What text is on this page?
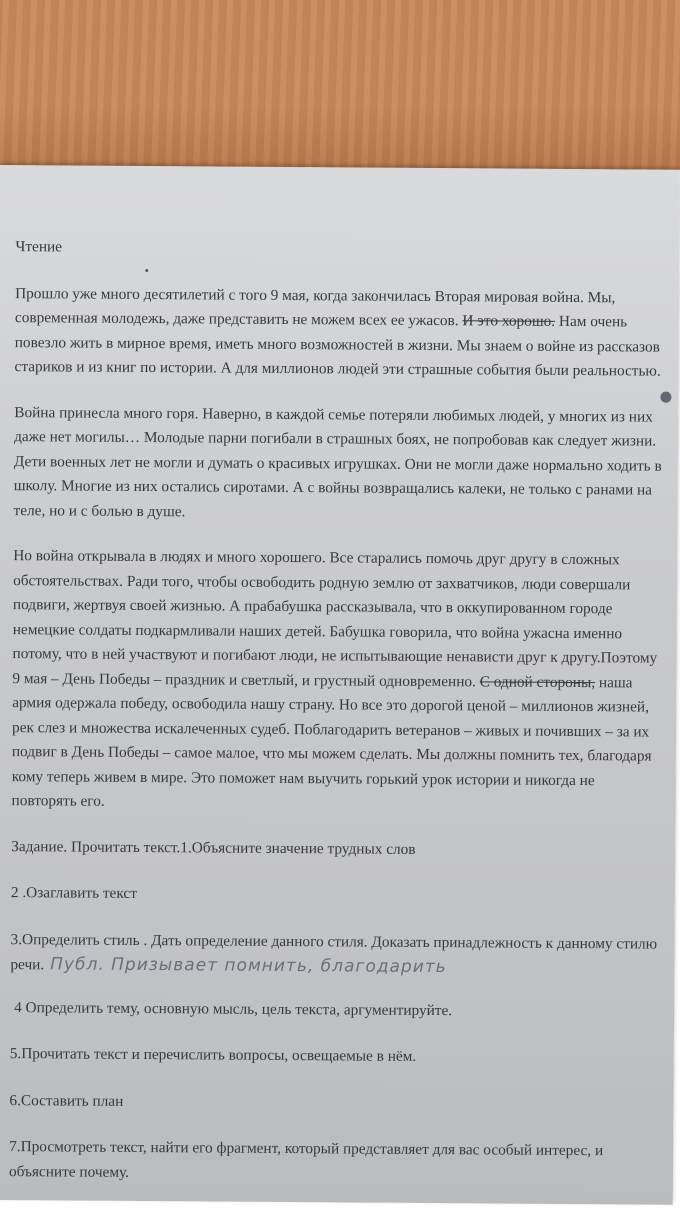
Чтение
Прошло уже много десятилетий с того 9 мая, когда закончилась Вторая мировая война. Мы, современная молодежь, даже представить не можем всех ее ужасов. И это хорошо. Нам очень повезло жить в мирное время, иметь много возможностей в жизни. Мы знаем о войне из рассказов стариков и из книг по истории. А для миллионов людей эти страшные события были реальностью.
Война принесла много горя. Наверно, в каждой семье потеряли любимых людей, у многих из них даже нет могилы… Молодые парни погибали в страшных боях, не попробовав как следует жизни. Дети военных лет не могли и думать о красивых игрушках. Они не могли даже нормально ходить в школу. Многие из них остались сиротами. А с войны возвращались калеки, не только с ранами на теле, но и с болью в душе.
Но война открывала в людях и много хорошего. Все старались помочь друг другу в сложных обстоятельствах. Ради того, чтобы освободить родную землю от захватчиков, люди совершали подвиги, жертвуя своей жизнью. А прабабушка рассказывала, что в оккупированном городе немецкие солдаты подкармливали наших детей. Бабушка говорила, что война ужасна именно потому, что в ней участвуют и погибают люди, не испытывающие ненависти друг к другу.Поэтому 9 мая – День Победы – праздник и светлый, и грустный одновременно. С одной стороны, наша армия одержала победу, освободила нашу страну. Но все это дорогой ценой – миллионов жизней, рек слез и множества искалеченных судеб. Поблагодарить ветеранов – живых и почивших – за их подвиг в День Победы – самое малое, что мы можем сделать. Мы должны помнить тех, благодаря кому теперь живем в мире. Это поможет нам выучить горький урок истории и никогда не повторять его.
Задание. Прочитать текст.1.Объясните значение трудных слов
2 .Озаглавить текст
3.Определить стиль . Дать определение данного стиля. Доказать принадлежность к данному стилю речи. Публ. Призывает помнить, благодарить
4 Определить тему, основную мысль, цель текста, аргументируйте.
5.Прочитать текст и перечислить вопросы, освещаемые в нём.
6.Составить план
7.Просмотреть текст, найти его фрагмент, который представляет для вас особый интерес, и объясните почему.
